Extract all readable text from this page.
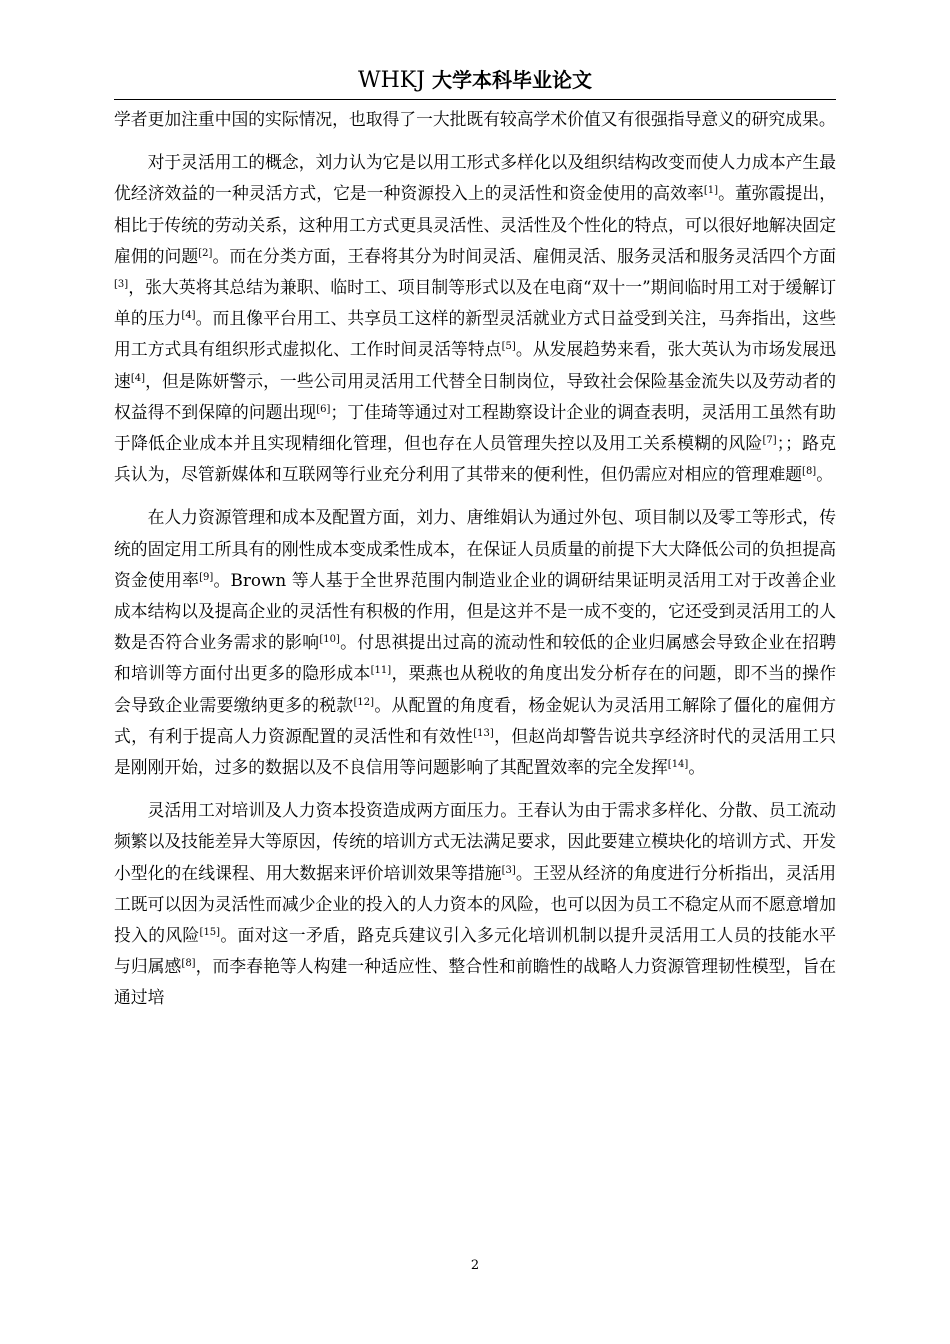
WHKJ 大学本科毕业论文

学者更加注重中国的实际情况，也取得了一大批既有较高学术价值又有很强指导意义的研究成果。

对于灵活用工的概念，刘力认为它是以用工形式多样化以及组织结构改变而使人力成本产生最优经济效益的一种灵活方式，它是一种资源投入上的灵活性和资金使用的高效率[1]。董弥霞提出，相比于传统的劳动关系，这种用工方式更具灵活性、灵活性及个性化的特点，可以很好地解决固定雇佣的问题[2]。而在分类方面，王春将其分为时间灵活、雇佣灵活、服务灵活和服务灵活四个方面[3]，张大英将其总结为兼职、临时工、项目制等形式以及在电商“双十一”期间临时用工对于缓解订单的压力[4]。而且像平台用工、共享员工这样的新型灵活就业方式日益受到关注，马奔指出，这些用工方式具有组织形式虚拟化、工作时间灵活等特点[5]。从发展趋势来看，张大英认为市场发展迅速[4]，但是陈妍警示，一些公司用灵活用工代替全日制岗位，导致社会保险基金流失以及劳动者的权益得不到保障的问题出现[6]；丁佳琦等通过对工程勘察设计企业的调查表明，灵活用工虽然有助于降低企业成本并且实现精细化管理，但也存在人员管理失控以及用工关系模糊的风险[7]；；路克兵认为，尽管新媒体和互联网等行业充分利用了其带来的便利性，但仍需应对相应的管理难题[8]。

在人力资源管理和成本及配置方面，刘力、唐维娟认为通过外包、项目制以及零工等形式，传统的固定用工所具有的刚性成本变成柔性成本，在保证人员质量的前提下大大降低公司的负担提高资金使用率[9]。Brown 等人基于全世界范围内制造业企业的调研结果证明灵活用工对于改善企业成本结构以及提高企业的灵活性有积极的作用，但是这并不是一成不变的，它还受到灵活用工的人数是否符合业务需求的影响[10]。付思祺提出过高的流动性和较低的企业归属感会导致企业在招聘和培训等方面付出更多的隐形成本[11]，栗燕也从税收的角度出发分析存在的问题，即不当的操作会导致企业需要缴纳更多的税款[12]。从配置的角度看，杨金妮认为灵活用工解除了僵化的雇佣方式，有利于提高人力资源配置的灵活性和有效性[13]，但赵尚却警告说共享经济时代的灵活用工只是刚刚开始，过多的数据以及不良信用等问题影响了其配置效率的完全发挥[14]。

灵活用工对培训及人力资本投资造成两方面压力。王春认为由于需求多样化、分散、员工流动频繁以及技能差异大等原因，传统的培训方式无法满足要求，因此要建立模块化的培训方式、开发小型化的在线课程、用大数据来评价培训效果等措施[3]。王翌从经济的角度进行分析指出，灵活用工既可以因为灵活性而减少企业的投入的人力资本的风险，也可以因为员工不稳定从而不愿意增加投入的风险[15]。面对这一矛盾，路克兵建议引入多元化培训机制以提升灵活用工人员的技能水平与归属感[8]，而李春艳等人构建一种适应性、整合性和前瞻性的战略人力资源管理韧性模型，旨在通过培

2
